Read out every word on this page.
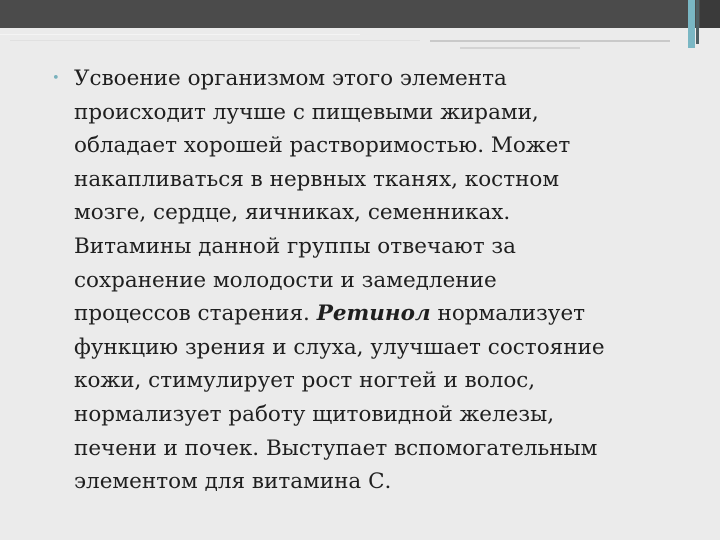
• Усвоение организмом этого элемента
происходит лучше с пищевыми жирами,
обладает хорошей растворимостью. Может
накапливаться в нервных тканях, костном
мозге, сердце, яичниках, семенниках.
Витамины данной группы отвечают за
сохранение молодости и замедление
процессов старения. Ретинол нормализует
функцию зрения и слуха, улучшает состояние
кожи, стимулирует рост ногтей и волос,
нормализует работу щитовидной железы,
печени и почек. Выступает вспомогательным
элементом для витамина С.
